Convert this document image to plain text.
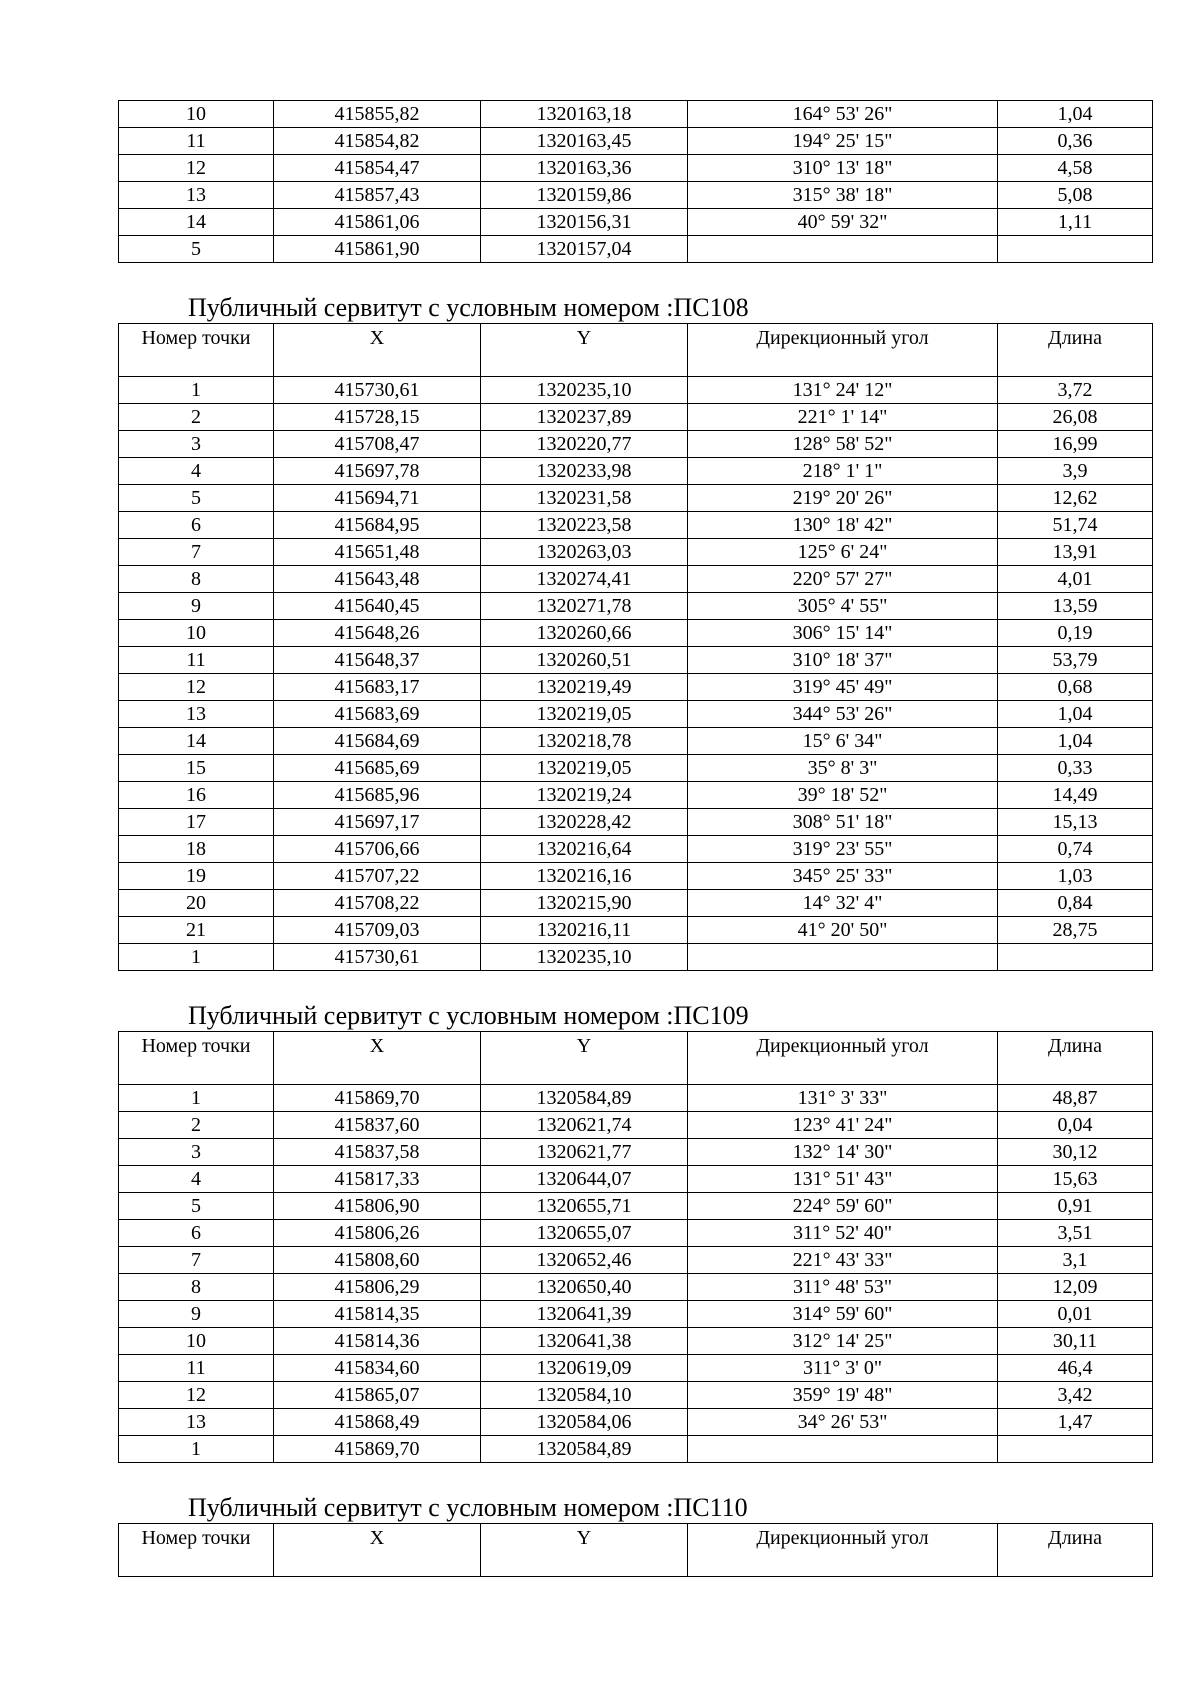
10	415855,82	1320163,18	164° 53' 26"	1,04
11	415854,82	1320163,45	194° 25' 15"	0,36
12	415854,47	1320163,36	310° 13' 18"	4,58
13	415857,43	1320159,86	315° 38' 18"	5,08
14	415861,06	1320156,31	40° 59' 32"	1,11
5	415861,90	1320157,04		
Публичный сервитут с условным номером :ПС108
Номер точки	X	Y	Дирекционный угол	Длина
1	415730,61	1320235,10	131° 24' 12"	3,72
2	415728,15	1320237,89	221° 1' 14"	26,08
3	415708,47	1320220,77	128° 58' 52"	16,99
4	415697,78	1320233,98	218° 1' 1"	3,9
5	415694,71	1320231,58	219° 20' 26"	12,62
6	415684,95	1320223,58	130° 18' 42"	51,74
7	415651,48	1320263,03	125° 6' 24"	13,91
8	415643,48	1320274,41	220° 57' 27"	4,01
9	415640,45	1320271,78	305° 4' 55"	13,59
10	415648,26	1320260,66	306° 15' 14"	0,19
11	415648,37	1320260,51	310° 18' 37"	53,79
12	415683,17	1320219,49	319° 45' 49"	0,68
13	415683,69	1320219,05	344° 53' 26"	1,04
14	415684,69	1320218,78	15° 6' 34"	1,04
15	415685,69	1320219,05	35° 8' 3"	0,33
16	415685,96	1320219,24	39° 18' 52"	14,49
17	415697,17	1320228,42	308° 51' 18"	15,13
18	415706,66	1320216,64	319° 23' 55"	0,74
19	415707,22	1320216,16	345° 25' 33"	1,03
20	415708,22	1320215,90	14° 32' 4"	0,84
21	415709,03	1320216,11	41° 20' 50"	28,75
1	415730,61	1320235,10		
Публичный сервитут с условным номером :ПС109
Номер точки	X	Y	Дирекционный угол	Длина
1	415869,70	1320584,89	131° 3' 33"	48,87
2	415837,60	1320621,74	123° 41' 24"	0,04
3	415837,58	1320621,77	132° 14' 30"	30,12
4	415817,33	1320644,07	131° 51' 43"	15,63
5	415806,90	1320655,71	224° 59' 60"	0,91
6	415806,26	1320655,07	311° 52' 40"	3,51
7	415808,60	1320652,46	221° 43' 33"	3,1
8	415806,29	1320650,40	311° 48' 53"	12,09
9	415814,35	1320641,39	314° 59' 60"	0,01
10	415814,36	1320641,38	312° 14' 25"	30,11
11	415834,60	1320619,09	311° 3' 0"	46,4
12	415865,07	1320584,10	359° 19' 48"	3,42
13	415868,49	1320584,06	34° 26' 53"	1,47
1	415869,70	1320584,89		
Публичный сервитут с условным номером :ПС110
Номер точки	X	Y	Дирекционный угол	Длина
